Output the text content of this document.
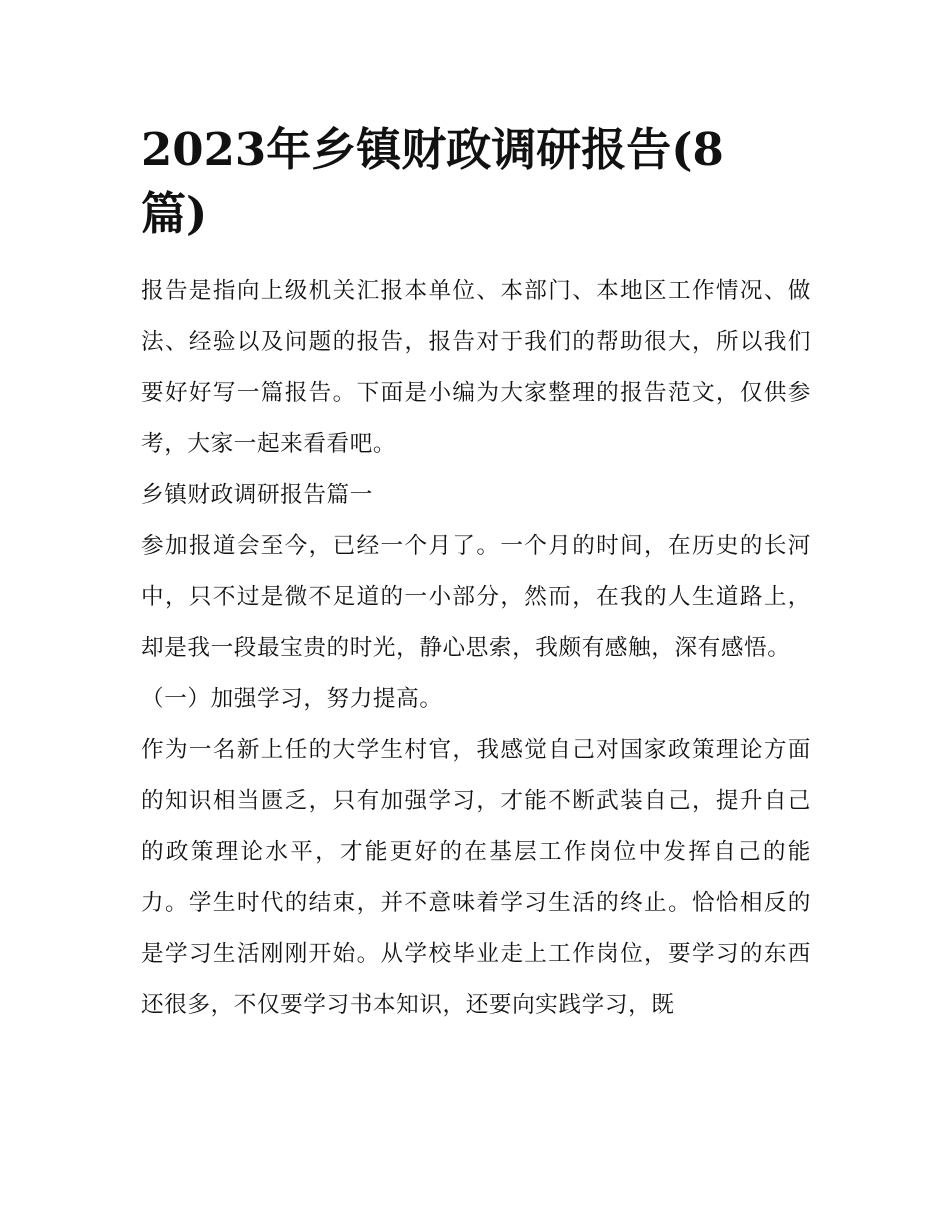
2023年乡镇财政调研报告(8
篇)

报告是指向上级机关汇报本单位、本部门、本地区工作情况、做法、经验以及问题的报告，报告对于我们的帮助很大，所以我们要好好写一篇报告。下面是小编为大家整理的报告范文，仅供参考，大家一起来看看吧。

乡镇财政调研报告篇一

参加报道会至今，已经一个月了。一个月的时间，在历史的长河中，只不过是微不足道的一小部分，然而，在我的人生道路上，却是我一段最宝贵的时光，静心思索，我颇有感触，深有感悟。

（一）加强学习，努力提高。

作为一名新上任的大学生村官，我感觉自己对国家政策理论方面的知识相当匮乏，只有加强学习，才能不断武装自己，提升自己的政策理论水平，才能更好的在基层工作岗位中发挥自己的能力。学生时代的结束，并不意味着学习生活的终止。恰恰相反的是学习生活刚刚开始。从学校毕业走上工作岗位，要学习的东西还很多，不仅要学习书本知识，还要向实践学习，既
